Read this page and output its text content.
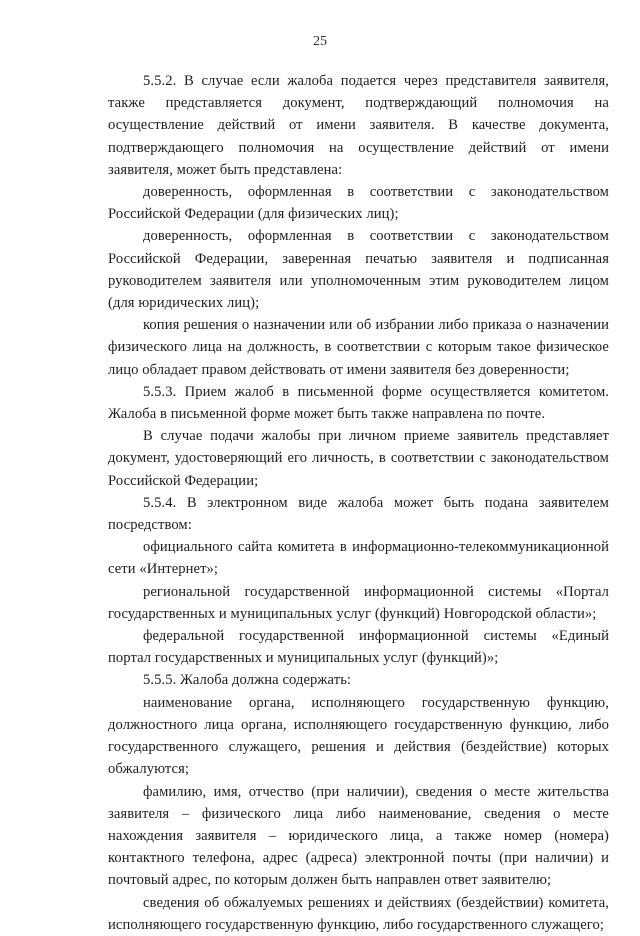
25

5.5.2. В случае если жалоба подается через представителя заявителя, также представляется документ, подтверждающий полномочия на осуществление действий от имени заявителя. В качестве документа, подтверждающего полномочия на осуществление действий от имени заявителя, может быть представлена:

доверенность, оформленная в соответствии с законодательством Российской Федерации (для физических лиц);

доверенность, оформленная в соответствии с законодательством Российской Федерации, заверенная печатью заявителя и подписанная руководителем заявителя или уполномоченным этим руководителем лицом (для юридических лиц);

копия решения о назначении или об избрании либо приказа о назначении физического лица на должность, в соответствии с которым такое физическое лицо обладает правом действовать от имени заявителя без доверенности;

5.5.3. Прием жалоб в письменной форме осуществляется комитетом. Жалоба в письменной форме может быть также направлена по почте.

В случае подачи жалобы при личном приеме заявитель представляет документ, удостоверяющий его личность, в соответствии с законодательством Российской Федерации;

5.5.4. В электронном виде жалоба может быть подана заявителем посредством:

официального сайта комитета в информационно-телекоммуникационной сети «Интернет»;

региональной государственной информационной системы «Портал государственных и муниципальных услуг (функций) Новгородской области»;

федеральной государственной информационной системы «Единый портал государственных и муниципальных услуг (функций)»;

5.5.5. Жалоба должна содержать:

наименование органа, исполняющего государственную функцию, должностного лица органа, исполняющего государственную функцию, либо государственного служащего, решения и действия (бездействие) которых обжалуются;

фамилию, имя, отчество (при наличии), сведения о месте жительства заявителя – физического лица либо наименование, сведения о месте нахождения заявителя – юридического лица, а также номер (номера) контактного телефона, адрес (адреса) электронной почты (при наличии) и почтовый адрес, по которым должен быть направлен ответ заявителю;

сведения об обжалуемых решениях и действиях (бездействии) комитета, исполняющего государственную функцию, либо государственного служащего;
